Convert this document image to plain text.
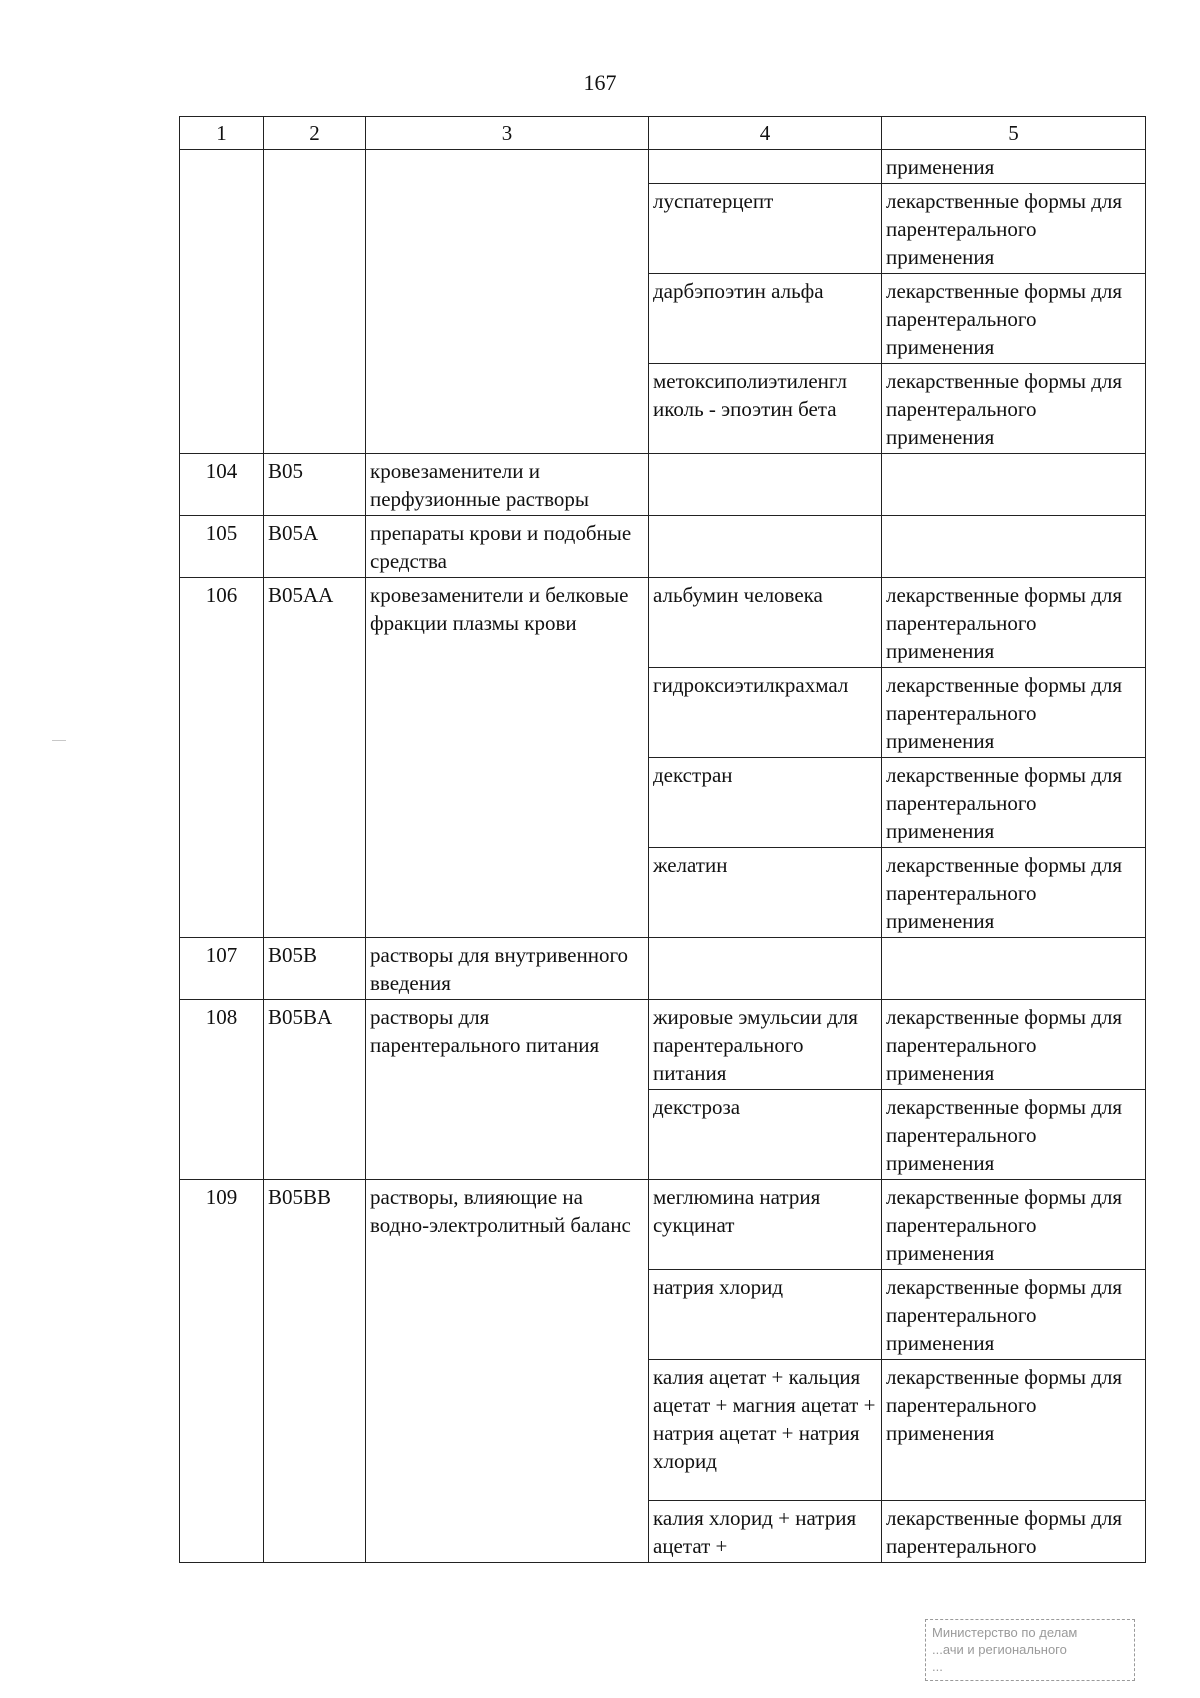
167
1	2	3	4	5
				применения
			луспатерцепт	лекарственные формы для парентерального применения
			дарбэпоэтин альфа	лекарственные формы для парентерального применения
			метоксиполиэтиленгл иколь - эпоэтин бета	лекарственные формы для парентерального применения
104	B05	кровезаменители и перфузионные растворы		
105	B05A	препараты крови и подобные средства		
106	B05AA	кровезаменители и белковые фракции плазмы крови	альбумин человека	лекарственные формы для парентерального применения
			гидроксиэтилкрахмал	лекарственные формы для парентерального применения
			декстран	лекарственные формы для парентерального применения
			желатин	лекарственные формы для парентерального применения
107	B05B	растворы для внутривенного введения		
108	B05BA	растворы для парентерального питания	жировые эмульсии для парентерального питания	лекарственные формы для парентерального применения
			декстроза	лекарственные формы для парентерального применения
109	B05BB	растворы, влияющие на водно-электролитный баланс	меглюмина натрия сукцинат	лекарственные формы для парентерального применения
			натрия хлорид	лекарственные формы для парентерального применения
			калия ацетат + кальция ацетат + магния ацетат + натрия ацетат + натрия хлорид	лекарственные формы для парентерального применения
			калия хлорид + натрия ацетат +	лекарственные формы для парентерального
Министерство по делам
...ачи и регионального
...
